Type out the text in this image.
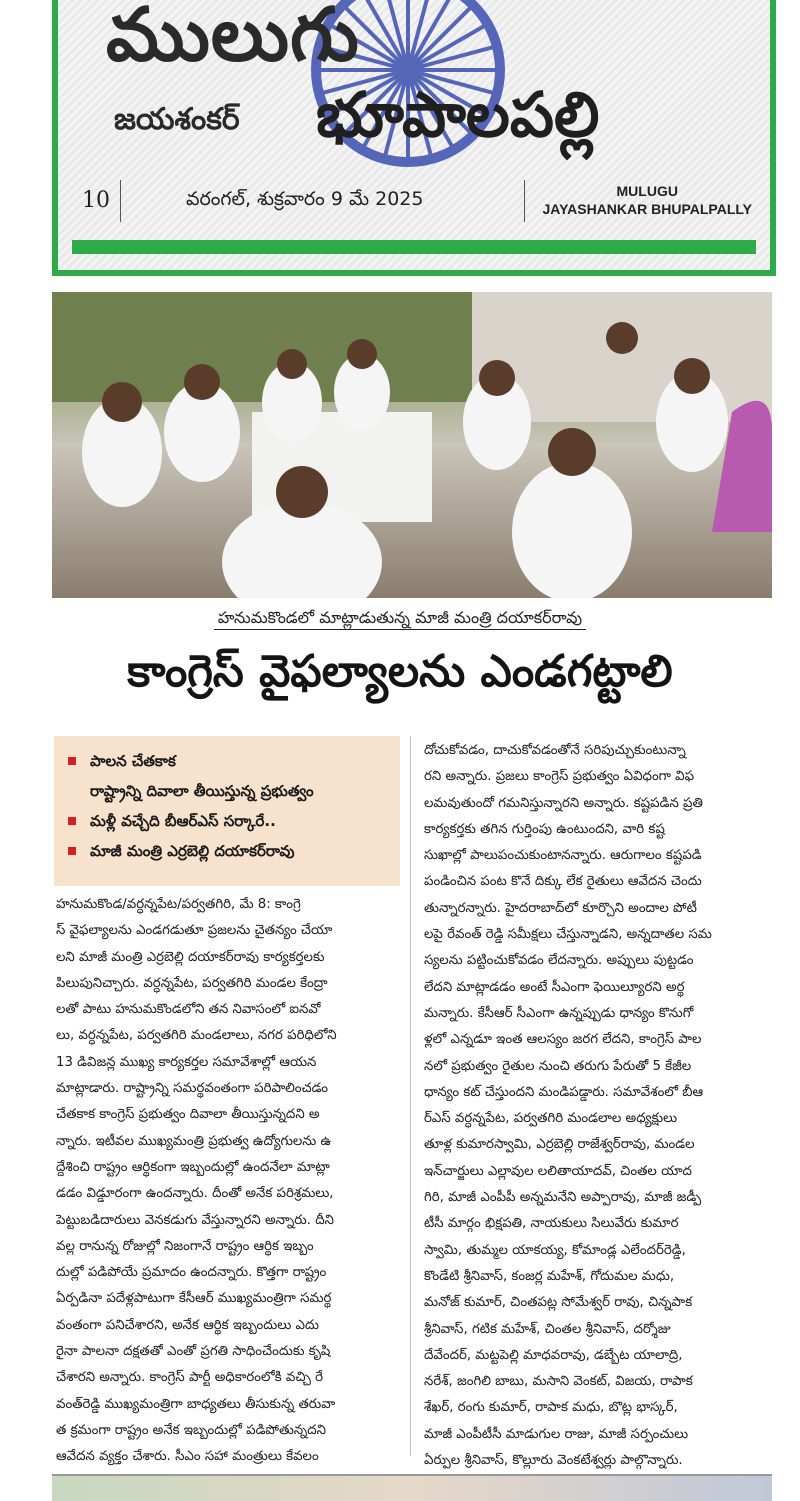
ములుగు
జయశంకర్ భూపాలపల్లి
10	వరంగల్, శుక్రవారం 9 మే 2025	MULUGU
JAYASHANKAR BHUPALPALLY
హనుమకొండలో మాట్లాడుతున్న మాజీ మంత్రి దయాకర్‌రావు
కాంగ్రెస్ వైఫల్యాలను ఎండగట్టాలి
పాలన చేతకాక
రాష్ట్రాన్ని దివాలా తీయిస్తున్న ప్రభుత్వం
మళ్లీ వచ్చేది బీఆర్ఎస్ సర్కారే..
మాజీ మంత్రి ఎర్రబెల్లి దయాకర్‌రావు
హనుమకొండ/వర్ధన్నపేట/పర్వతగిరి, మే 8: కాంగ్రె
స్ వైఫల్యాలను ఎండగడుతూ ప్రజలను చైతన్యం చేయా
లని మాజీ మంత్రి ఎర్రబెల్లి దయాకర్‌రావు కార్యకర్తలకు
పిలుపునిచ్చారు. వర్ధన్నపేట, పర్వతగిరి మండల కేంద్రా
లతో పాటు హనుమకొండలోని తన నివాసంలో ఐనవో
లు, వర్ధన్నపేట, పర్వతగిరి మండలాలు, నగర పరిధిలోని
13 డివిజన్ల ముఖ్య కార్యకర్తల సమావేశాల్లో ఆయన
మాట్లాడారు. రాష్ట్రాన్ని సమర్థవంతంగా పరిపాలించడం
చేతకాక కాంగ్రెస్ ప్రభుత్వం దివాలా తీయిస్తున్నదని అ
న్నారు. ఇటీవల ముఖ్యమంత్రి ప్రభుత్వ ఉద్యోగులను ఉ
ద్దేశించి రాష్ట్రం ఆర్థికంగా ఇబ్బందుల్లో ఉందనేలా మాట్లా
డడం విడ్డూరంగా ఉందన్నారు. దీంతో అనేక పరిశ్రమలు,
పెట్టుబడిదారులు వెనకడుగు వేస్తున్నారని అన్నారు. దీని
వల్ల రానున్న రోజుల్లో నిజంగానే రాష్ట్రం ఆర్థిక ఇబ్బం
దుల్లో పడిపోయే ప్రమాదం ఉందన్నారు. కొత్తగా రాష్ట్రం
ఏర్పడినా పదేళ్లపాటుగా కేసీఆర్ ముఖ్యమంత్రిగా సమర్థ
వంతంగా పనిచేశారని, అనేక ఆర్థిక ఇబ్బందులు ఎదు
రైనా పాలనా దక్షతతో ఎంతో ప్రగతి సాధించేందుకు కృషి
చేశారని అన్నారు. కాంగ్రెస్ పార్టీ అధికారంలోకి వచ్చి రే
వంత్‌రెడ్డి ముఖ్యమంత్రిగా బాధ్యతలు తీసుకున్న తరువా
త క్రమంగా రాష్ట్రం అనేక ఇబ్బందుల్లో పడిపోతున్నదని
ఆవేదన వ్యక్తం చేశారు. సీఎం సహా మంత్రులు కేవలం
దోచుకోవడం, దాచుకోవడంతోనే సరిపుచ్చుకుంటున్నా
రని అన్నారు. ప్రజలు కాంగ్రెస్ ప్రభుత్వం ఏవిధంగా విఫ
లమవుతుందో గమనిస్తున్నారని అన్నారు. కష్టపడిన ప్రతి
కార్యకర్తకు తగిన గుర్తింపు ఉంటుందని, వారి కష్ట
సుఖాల్లో పాలుపంచుకుంటానన్నారు. ఆరుగాలం కష్టపడి
పండించిన పంట కొనే దిక్కు లేక రైతులు ఆవేదన చెందు
తున్నారన్నారు. హైదరాబాద్‌లో కూర్చొని అందాల పోటీ
లపై రేవంత్ రెడ్డి సమీక్షలు చేస్తున్నాడని, అన్నదాతల సమ
స్యలను పట్టించుకోవడం లేదన్నారు. అప్పులు పుట్టడం
లేదని మాట్లాడడం అంటే సీఎంగా ఫెయిల్యూరని అర్థ
మన్నారు. కేసీఆర్ సీఎంగా ఉన్నప్పుడు ధాన్యం కొనుగో
ళ్లలో ఎన్నడూ ఇంత ఆలస్యం జరగ లేదని, కాంగ్రెస్ పాల
నలో ప్రభుత్వం రైతుల నుంచి తరుగు పేరుతో 5 కేజీల
ధాన్యం కట్ చేస్తుందని మండిపడ్డారు. సమావేశంలో బీఆ
ర్ఎస్ వర్ధన్నపేట, పర్వతగిరి మండలాల అధ్యక్షులు
తూళ్ల కుమారస్వామి, ఎర్రబెల్లి రాజేశ్వర్‌రావు, మండల
ఇన్‌చార్జులు ఎల్లావుల లలితాయాదవ్, చింతల యాద
గిరి, మాజీ ఎంపీపీ అన్నమనేని అప్పారావు, మాజీ జడ్పీ
టీసీ మార్గం భిక్షపతి, నాయకులు సిలువేరు కుమార
స్వామి, తుమ్మల యాకయ్య, కోమాండ్ల ఎలేందర్‌రెడ్డి,
కొండేటి శ్రీనివాస్, కంజర్ల మహేశ్, గోదుమల మధు,
మనోజ్ కుమార్, చింతపట్ల సోమేశ్వర్ రావు, చిన్నపాక
శ్రీనివాస్, గటిక మహేశ్, చింతల శ్రీనివాస్, దర్శోజు
దేవేందర్, మట్టపెల్లి మాధవరావు, డబ్బేట యాలాద్రి,
నరేశ్, జంగిలి బాబు, మసాని వెంకట్, విజయ, రాపాక
శేఖర్, రంగు కుమార్, రాపాక మధు, బొట్ల భాస్కర్,
మాజీ ఎంపీటీసీ మాడుగుల రాజు, మాజీ సర్పంచులు
ఏర్పుల శ్రీనివాస్, కొల్లూరు వెంకటేశ్వర్లు పాల్గొన్నారు.
